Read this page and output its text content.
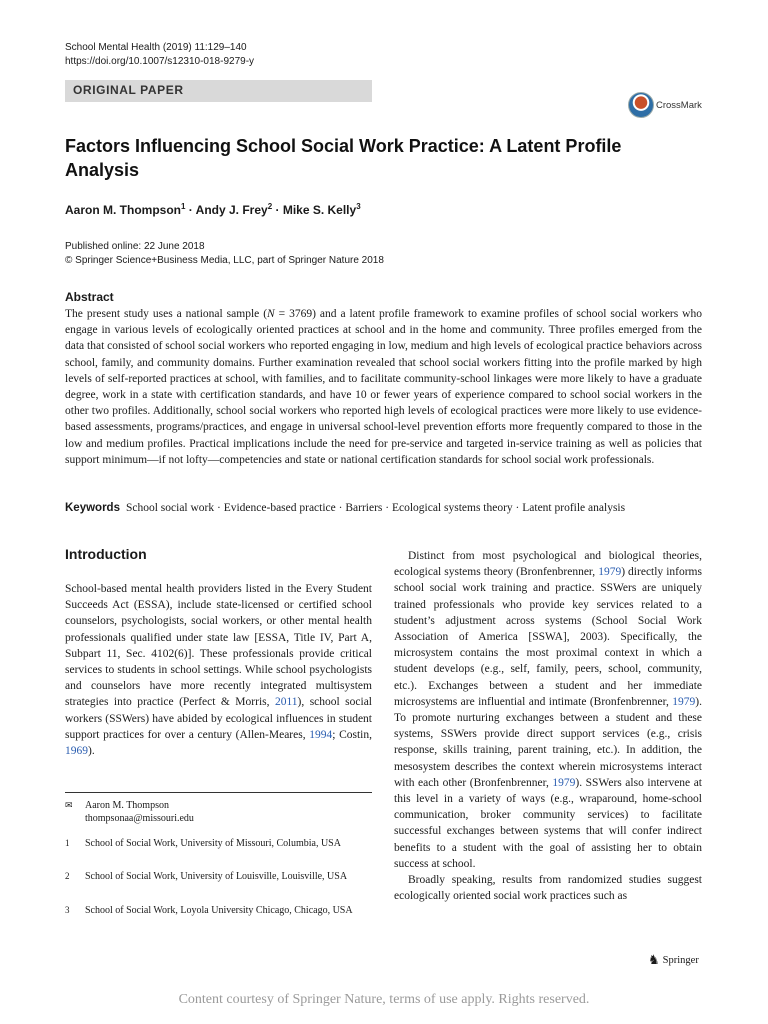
School Mental Health (2019) 11:129–140
https://doi.org/10.1007/s12310-018-9279-y
ORIGINAL PAPER
CrossMark
Factors Influencing School Social Work Practice: A Latent Profile Analysis
Aaron M. Thompson$^1$ · Andy J. Frey$^2$ · Mike S. Kelly$^3$
Published online: 22 June 2018
© Springer Science+Business Media, LLC, part of Springer Nature 2018
Abstract
The present study uses a national sample (N = 3769) and a latent profile framework to examine profiles of school social workers who engage in various levels of ecologically oriented practices at school and in the home and community. Three profiles emerged from the data that consisted of school social workers who reported engaging in low, medium and high levels of ecological practice behaviors across school, family, and community domains. Further examination revealed that school social workers fitting into the profile marked by high levels of self-reported practices at school, with families, and to facilitate community-school linkages were more likely to have a graduate degree, work in a state with certification standards, and have 10 or fewer years of experience compared to school social workers in the other two profiles. Additionally, school social workers who reported high levels of ecological practices were more likely to use evidence-based assessments, programs/practices, and engage in universal school-level prevention efforts more frequently compared to those in the low and medium profiles. Practical implications include the need for pre-service and targeted in-service training as well as policies that support minimum—if not lofty—competencies and state or national certification standards for school social work professionals.
Keywords School social work · Evidence-based practice · Barriers · Ecological systems theory · Latent profile analysis
Introduction

School-based mental health providers listed in the Every Student Succeeds Act (ESSA), include state-licensed or certified school counselors, psychologists, social workers, or other mental health professionals qualified under state law [ESSA, Title IV, Part A, Subpart 11, Sec. 4102(6)]. These professionals provide critical services to students in school settings. While school psychologists and counselors have more recently integrated multisystem strategies into practice (Perfect & Morris, 2011), school social workers (SSWers) have abided by ecological influences in student support practices for over a century (Allen-Meares, 1994; Costin, 1969).

Distinct from most psychological and biological theories, ecological systems theory (Bronfenbrenner, 1979) directly informs school social work training and practice. SSWers are uniquely trained professionals who provide key services related to a student’s adjustment across systems (School Social Work Association of America [SSWA], 2003). Specifically, the microsystem contains the most proximal context in which a student develops (e.g., self, family, peers, school, community, etc.). Exchanges between a student and her immediate microsystems are influential and intimate (Bronfenbrenner, 1979). To promote nurturing exchanges between a student and these systems, SSWers provide direct support services (e.g., crisis response, skills training, parent training, etc.). In addition, the mesosystem describes the context wherein microsystems interact with each other (Bronfenbrenner, 1979). SSWers also intervene at this level in a variety of ways (e.g., wraparound, home-school communication, broker community services) to facilitate successful exchanges between systems that will confer indirect benefits to a student with the goal of assisting her to obtain success at school.

Broadly speaking, results from randomized studies suggest ecologically oriented social work practices such as

✉ Aaron M. Thompson
thompsonaa@missouri.edu
1 School of Social Work, University of Missouri, Columbia, USA
2 School of Social Work, University of Louisville, Louisville, USA
3 School of Social Work, Loyola University Chicago, Chicago, USA
♞ Springer
Content courtesy of Springer Nature, terms of use apply. Rights reserved.
